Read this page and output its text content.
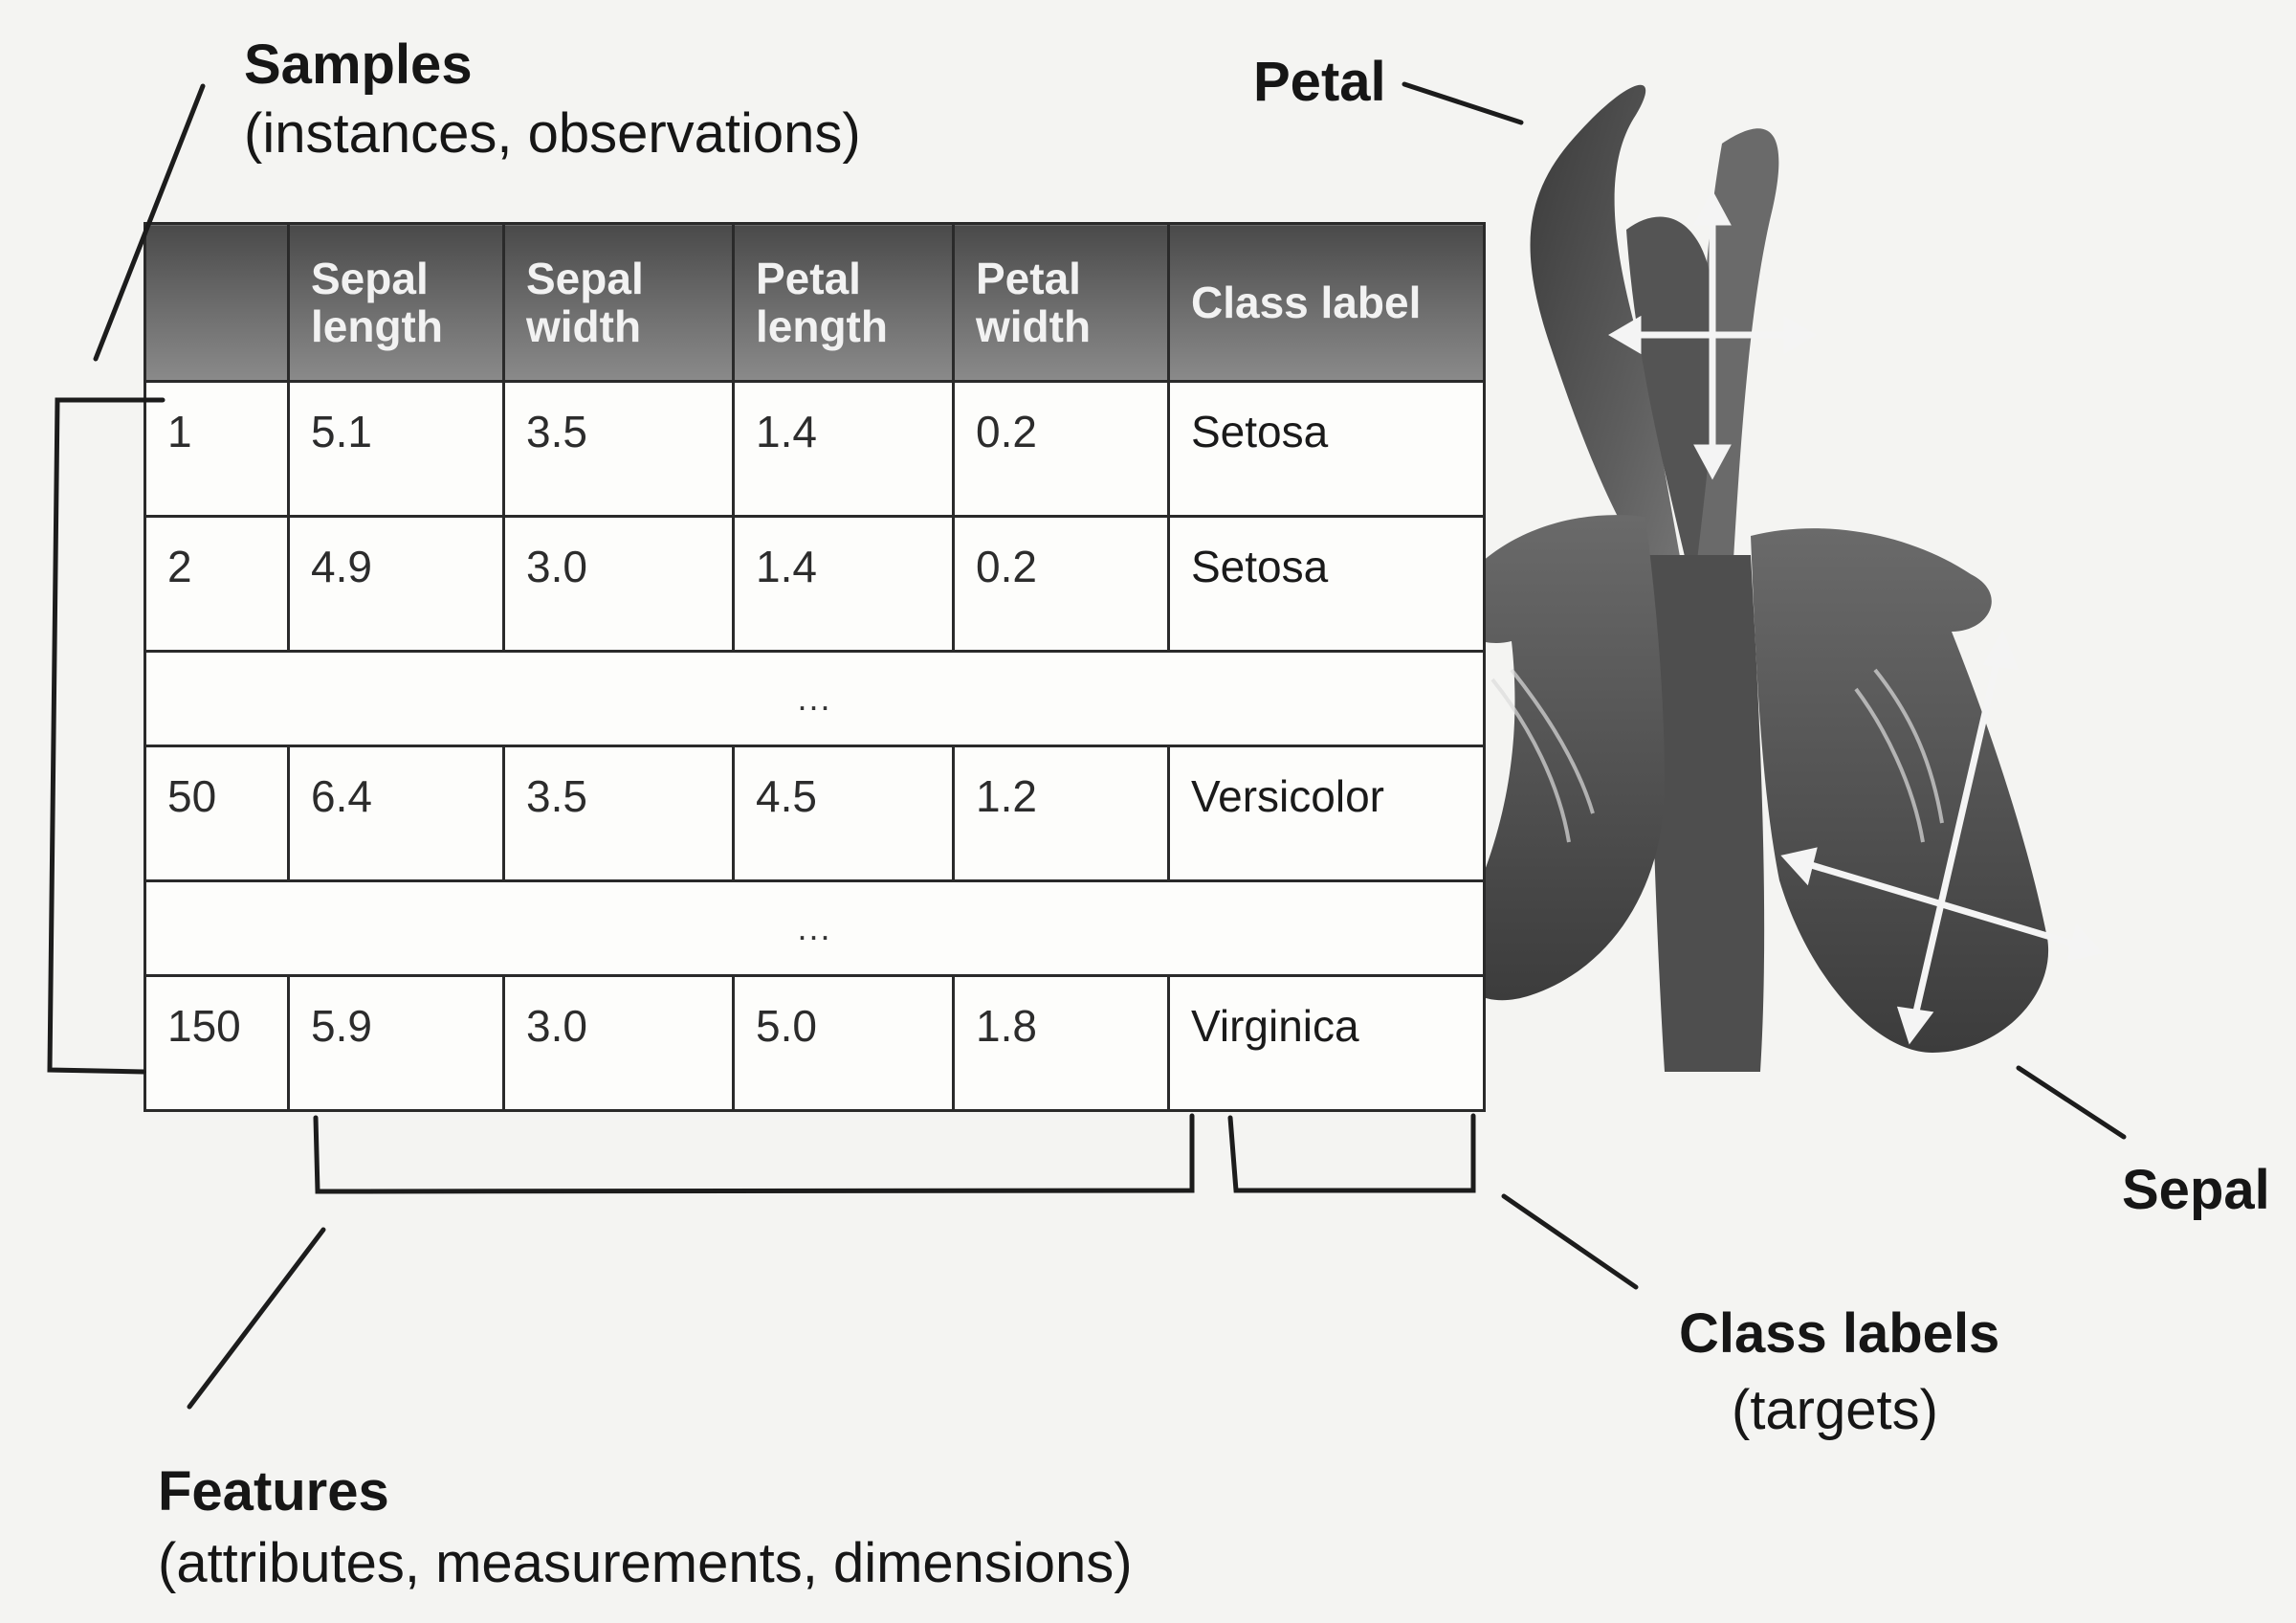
Samples
(instances, observations)
Petal
Sepal
Class labels
(targets)
Features
(attributes, measurements, dimensions)
	Sepal length	Sepal width	Petal length	Petal width	Class label
1	5.1	3.5	1.4	0.2	Setosa
2	4.9	3.0	1.4	0.2	Setosa
...					
50	6.4	3.5	4.5	1.2	Versicolor
...					
150	5.9	3.0	5.0	1.8	Virginica
